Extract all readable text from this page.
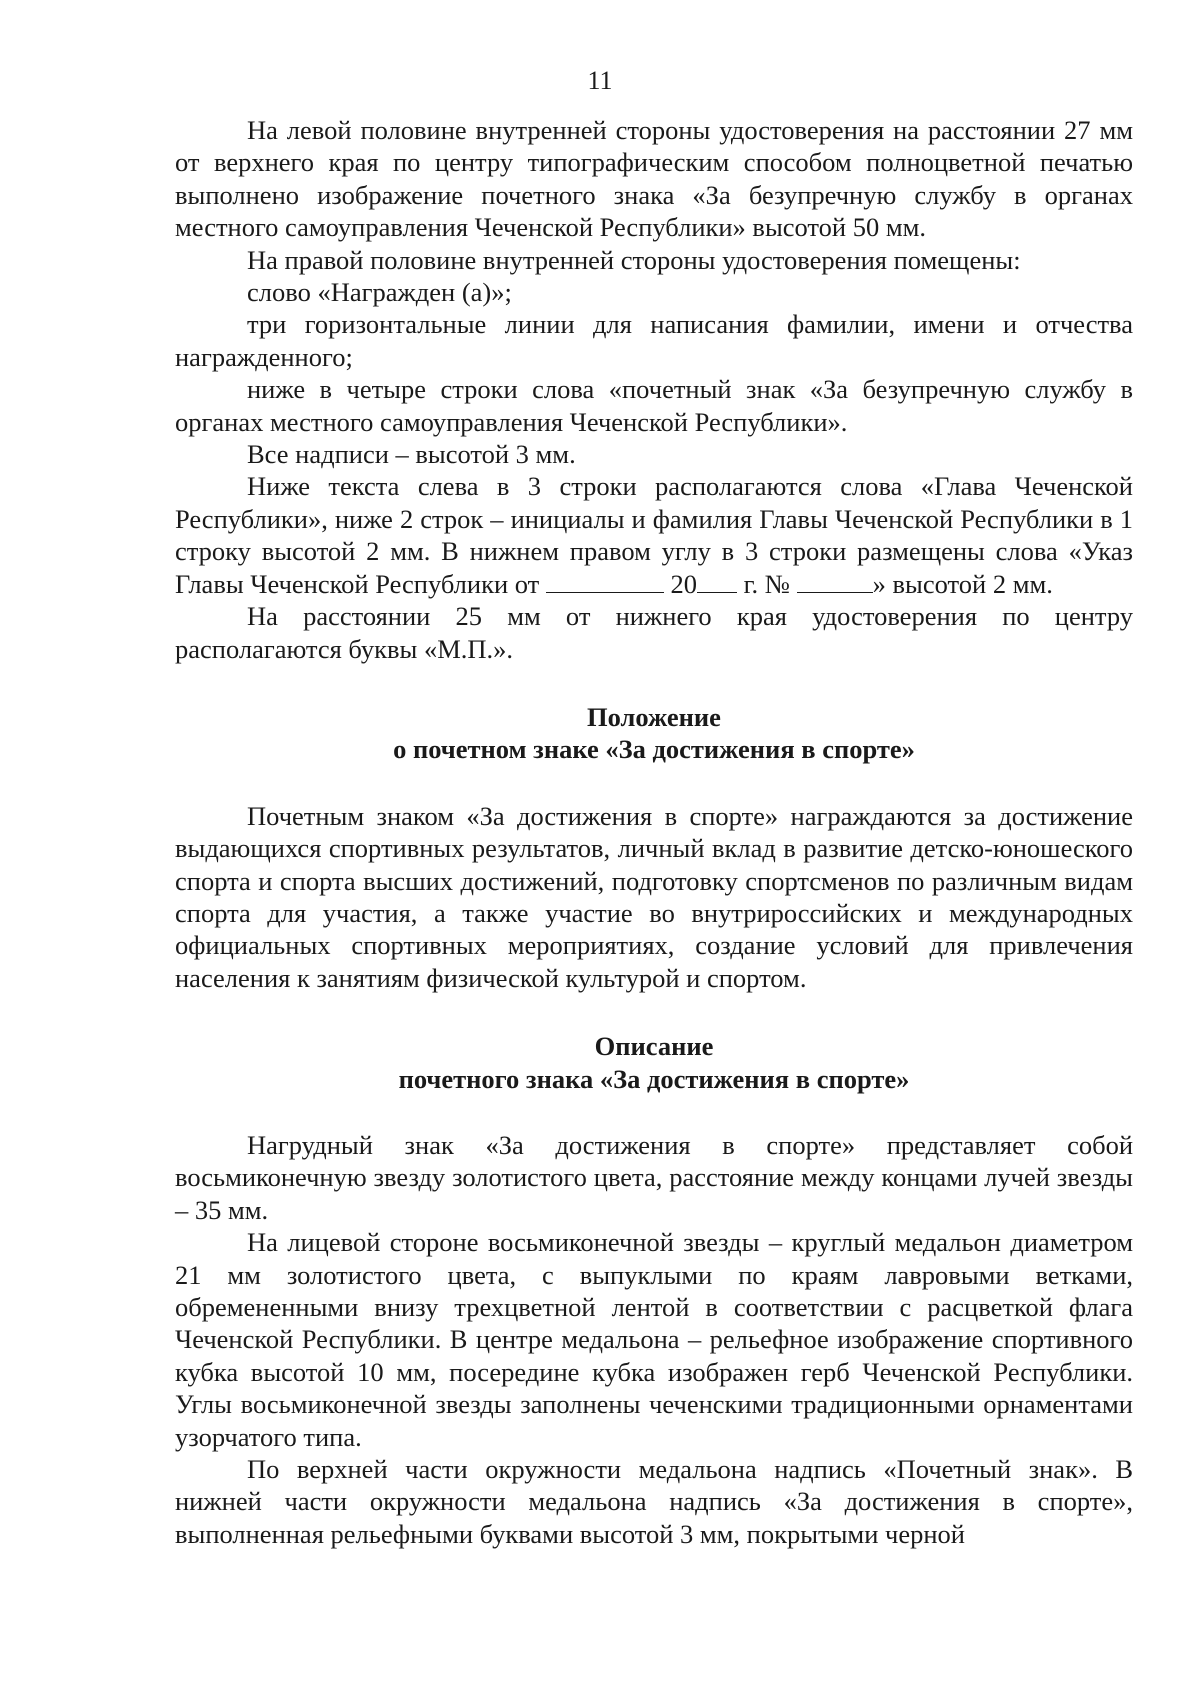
11

На левой половине внутренней стороны удостоверения на расстоянии 27 мм от верхнего края по центру типографическим способом полноцветной печатью выполнено изображение почетного знака «За безупречную службу в органах местного самоуправления Чеченской Республики» высотой 50 мм.

На правой половине внутренней стороны удостоверения помещены:

слово «Награжден (а)»;

три горизонтальные линии для написания фамилии, имени и отчества награжденного;

ниже в четыре строки слова «почетный знак «За безупречную службу в органах местного самоуправления Чеченской Республики».

Все надписи – высотой 3 мм.

Ниже текста слева в 3 строки располагаются слова «Глава Чеченской Республики», ниже 2 строк – инициалы и фамилия Главы Чеченской Республики в 1 строку высотой 2 мм. В нижнем правом углу в 3 строки размещены слова «Указ Главы Чеченской Республики от	20 г. №	» высотой 2 мм.

На расстоянии 25 мм от нижнего края удостоверения по центру располагаются буквы «М.П.».

Положение

о почетном знаке «За достижения в спорте»

Почетным знаком «За достижения в спорте» награждаются за достижение выдающихся спортивных результатов, личный вклад в развитие детско-юношеского спорта и спорта высших достижений, подготовку спортсменов по различным видам спорта для участия, а также участие во внутрироссийских и международных официальных спортивных мероприятиях, создание условий для привлечения населения к занятиям физической культурой и спортом.

Описание

почетного знака «За достижения в спорте»

Нагрудный знак «За достижения в спорте» представляет собой восьмиконечную звезду золотистого цвета, расстояние между концами лучей звезды – 35 мм.

На лицевой стороне восьмиконечной звезды – круглый медальон диаметром 21 мм золотистого цвета, с выпуклыми по краям лавровыми ветками, обремененными внизу трехцветной лентой в соответствии с расцветкой флага Чеченской Республики. В центре медальона – рельефное изображение спортивного кубка высотой 10 мм, посередине кубка изображен герб Чеченской Республики. Углы восьмиконечной звезды заполнены чеченскими традиционными орнаментами узорчатого типа.

По верхней части окружности медальона надпись «Почетный знак». В нижней части окружности медальона надпись «За достижения в спорте», выполненная рельефными буквами высотой 3 мм, покрытыми черной
